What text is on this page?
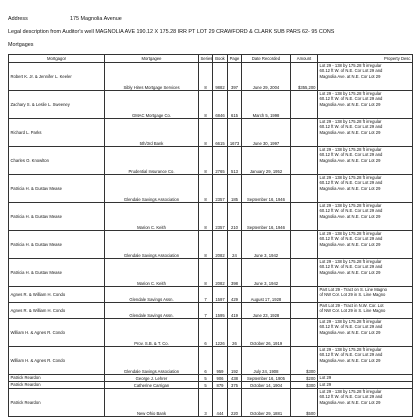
Address	175 Magnolia Avenue
Legal description from Auditor's well MAGNOLIA AVE 190.12 X 175.28 IRR PT LOT 29 CRAWFORD & CLARK SUB PARS 62- 95 CONS
Mortgages
Mortgagor	Mortgagee	Series	Book	Page	Date Recorded	Amount	Property Desc
Robert K. Jr. & Jennifer L. Keeler	Sibly Hires Mortgage Services	8	9882	397	June 29, 2004	$355,200	Lot 29 - 138 by 175.28 ft irregular
60.12 ft W. of N.E. Cor Lot 29 and
Magnolia Ave. at N.E. Cor Lot 29

Zachary S. & Leslie L. Sweeney	GMAC Mortgage Co.	8	6846	615	March 5, 1998		Lot 29 - 138 by 175.28 ft irregular
60.12 ft W. of N.E. Cor Lot 29 and
Magnolia Ave. at N.E. Cor Lot 29

Richard L. Parks	5th/3rd Bank	8	6615	1673	June 30, 1997		Lot 29 - 138 by 175.28 ft irregular
60.12 ft W. of N.E. Cor Lot 29 and
Magnolia Ave. at N.E. Cor Lot 29

Charles O. Knowlton	Prudential Insurance Co.	8	2765	513	January 29, 1952		Lot 29 - 138 by 175.28 ft irregular
60.12 ft W. of N.E. Cor Lot 29 and
Magnolia Ave. at N.E. Cor Lot 29

Patricia H. & Gustav Mease	Glendale Savings Association	8	2357	185	September 16, 1946		Lot 29 - 138 by 175.28 ft irregular
60.12 ft W. of N.E. Cor Lot 29 and
Magnolia Ave. at N.E. Cor Lot 29

Patricia H. & Gustav Mease	Marion C. Keith	8	2357	210	September 16, 1946		Lot 29 - 138 by 175.28 ft irregular
60.12 ft W. of N.E. Cor Lot 29 and
Magnolia Ave. at N.E. Cor Lot 29

Patricia H. & Gustav Mease	Glendale Savings Association	8	2082	24	June 3, 1942		Lot 29 - 138 by 175.28 ft irregular
60.12 ft W. of N.E. Cor Lot 29 and
Magnolia Ave. at N.E. Cor Lot 29

Patricia H. & Gustav Mease	Marion C. Keith	8	2082	398	June 3, 1942		Lot 29 - 138 by 175.28 ft irregular
60.12 ft W. of N.E. Cor Lot 29 and
Magnolia Ave. at N.E. Cor Lot 29

Agnes R. & William H. Condo	Glendale Savings Assn.	7	1597	429	August 17, 1928		Part Lot 29 - Tract on S. Line Magno
of NW Cor. Lot 29 in S. Line Magno

Agnes R. & William H. Condo	Glendale Savings Assn.	7	1595	419	June 23, 1928		Part Lot 29 - Tract in N.W. Cor. Lot
of NW Cor. Lot 29 in S. Line Magno

William H. & Agnes R. Condo	Prov. S.B. & T. Co.	6	1226	26	October 26, 1919		Lot 29 - 138 by 175.28 ft irregular
60.12 ft W. of N.E. Cor Lot 29 and
Magnolia Ave. at N.E. Cor Lot 29

William H. & Agnes R. Condo	Glendale Savings Association	6	959	192	July 24, 1908	$300	Lot 29 - 138 by 175.28 ft irregular
60.12 ft W. of N.E. Cor Lot 29 and
Magnolia Ave. at N.E. Cor Lot 29

Patrick Reardon	George J. Lehrer	5	906	438	September 16, 1905	$200	Lot 29

Patrick Reardon	Catherine Carrigan	5	879	375	October 14, 1904	$300	Lot 29

Patrick Reardon	New Ohio Bank	3	444	220	October 29, 1881	$500	Lot 29 - 138 by 175.28 ft irregular
60.12 ft W. of N.E. Cor Lot 29 and
Magnolia Ave. at N.E. Cor Lot 29
